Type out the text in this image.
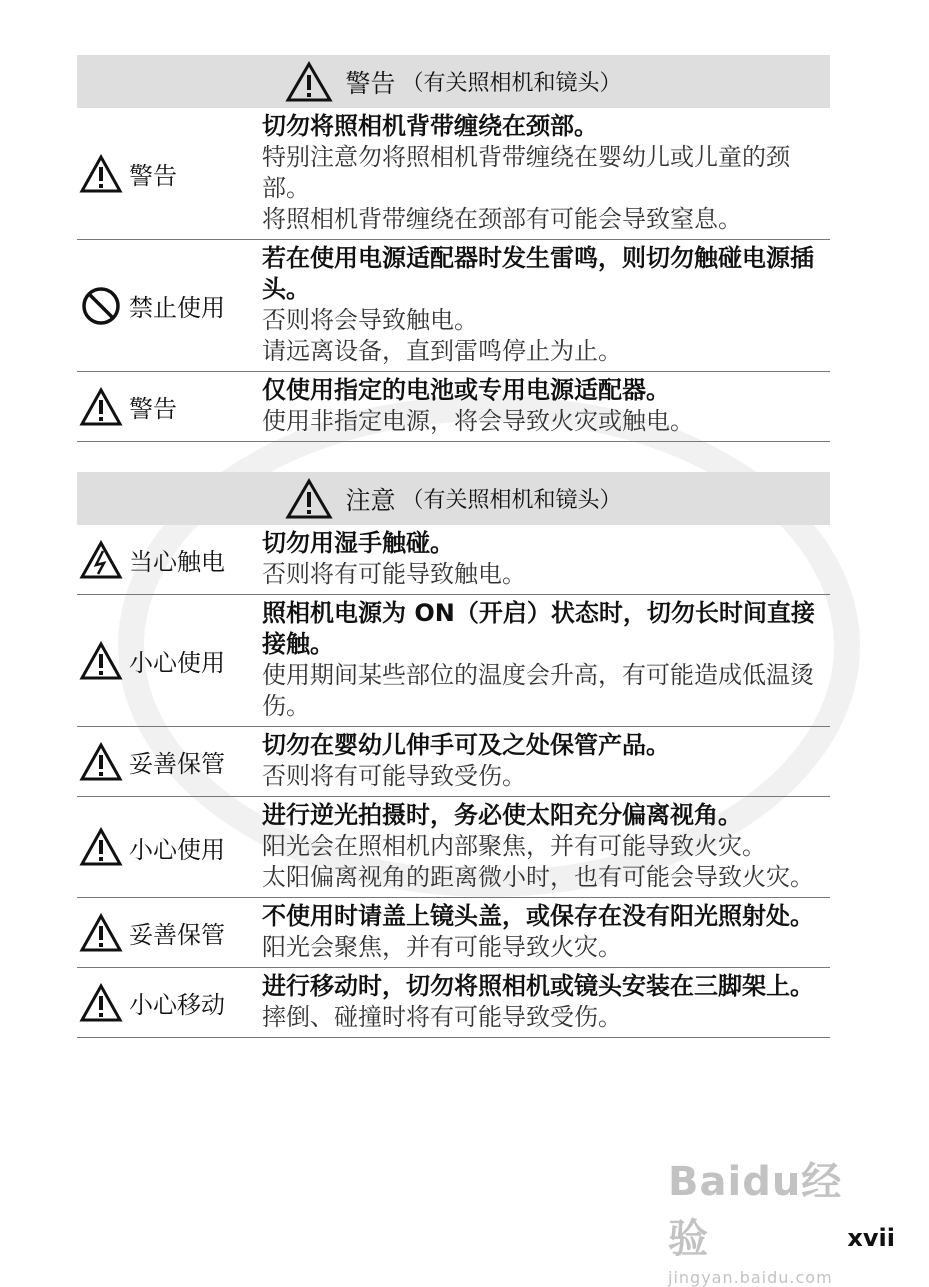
警告 （有关照相机和镜头）
警告
切勿将照相机背带缠绕在颈部。
特别注意勿将照相机背带缠绕在婴幼儿或儿童的颈部。
将照相机背带缠绕在颈部有可能会导致窒息。
禁止使用
若在使用电源适配器时发生雷鸣，则切勿触碰电源插头。
否则将会导致触电。
请远离设备，直到雷鸣停止为止。
警告
仅使用指定的电池或专用电源适配器。
使用非指定电源，将会导致火灾或触电。
注意 （有关照相机和镜头）
当心触电
切勿用湿手触碰。
否则将有可能导致触电。
小心使用
照相机电源为 ON（开启）状态时，切勿长时间直接接触。
使用期间某些部位的温度会升高，有可能造成低温烫伤。
妥善保管
切勿在婴幼儿伸手可及之处保管产品。
否则将有可能导致受伤。
小心使用
进行逆光拍摄时，务必使太阳充分偏离视角。
阳光会在照相机内部聚焦，并有可能导致火灾。
太阳偏离视角的距离微小时，也有可能会导致火灾。
妥善保管
不使用时请盖上镜头盖，或保存在没有阳光照射处。
阳光会聚焦，并有可能导致火灾。
小心移动
进行移动时，切勿将照相机或镜头安装在三脚架上。
摔倒、碰撞时将有可能导致受伤。
Baidu经验
jingyan.baidu.com
xvii
